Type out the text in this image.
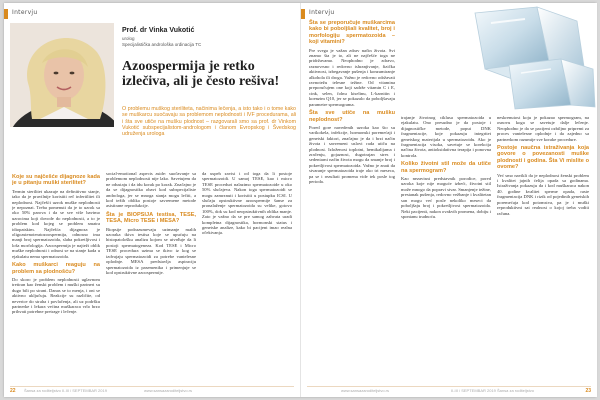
Intervju
Prof. dr Vinka Vukotić
urolog
Specijalistička androloška ordinacija TC
Azoospermija je retko izlečiva, ali je često rešiva!
O problemu muškog steriliteta, načinima lečenja, a isto tako i o tome kako se muškarcu suočavaju sa problemom neplodnosti i IVF procedurama, ali i šta sve utiče na mušku plodnost – razgovarali smo sa prof. dr Vinkom Vukotić subspecijalistom-andrologom i članom Evropskog i Švedskog udruženja urologa
Koje su najčešće dijagnoze kada je u pitanju muški sterilitet?

Termin sterilitet ukazuje na definitivno stanje, tako da je pravilnije koristiti reč infertilitet ili neplodnost. Najčešći uzrok muške neplodnosti je nepoznat. Treba pomenuti da je to uzrok sa oko 50% parova i da se sve više bavimo uzrocima koji dovode do neplodnosti, a to je problem kod kojeg se problem smatra idiopatskim. Najčešća dijagnoza je oligoastenoteratozoospermija, odnosno ima manji broj spermatozoida, slaba pokretljivost i loša morfologija. Azoospermija je najteži oblik muške neplodnosti i odnosi se na stanje kada u ejakulatu nema spermatozoida.

Kako muškarci reaguju na problem sa plodnošću?

Do skoro je problem neplodnosti uglavnom tretiran kao ženski problem i muški partneri su dugo bili po strani. Danas se to menja, i oni se aktivno uključuju. Reakcije su različite, od neverice do straha i povlačenja, ali uz podršku partnerke i lekara većina muškaraca vrlo brzo prihvati potrebne pretrage i lečenje.

social-emotional aspects aside: suočavanje sa problemom neplodnosti nije lako. Savetujem da ne odustaju i da idu korak po korak. Značajno je da se dijagnostika obavi kod subspecijaliste androloga, jer se mnoga stanja mogu lečiti, a kod težih oblika postoje savremene metode asistirane reprodukcije.

Šta je BIOPSIJA testisa, TESE, TESA, Micro TESE i MESA?

Biopsije podrazumevaju uzimanje malih uzoraka tkiva testisa koje se upućuju na histopatološku analizu kojom se utvrđuje da li postoji spermatogeneza. Kod TESE i Micro TESE procedura uzima se tkivo iz kog se izdvajaju spermatozoidi za potrebe vantelesne oplodnje. MESA predstavlja aspiraciju spermatozoida iz pasemenika i primenjuje se kod opstruktivne azoospermije.

da uspeh zavisi i od toga da li postoje spermatozoidi. U samoj TESE, kao i micro TESE proceduri nalazimo spermatozoide u oko 50% slučajeva. Nakon toga spermatozoidi se mogu zamrznuti i koristiti u postupku ICSI. U slučaju opstruktivne azoospermije šanse za pronalaženje spermatozoida su velike, gotovo 100%, dok su kod neopstruktivnih oblika manje. Zato je važno da se pre samog zahvata uradi kompletna dijagnostika, hormonski status i genetske analize, kako bi pacijent imao realna očekivanja.

22 Šansa za roditeljstvo II-III / SEPTEMBAR 2019	www.sansazaroditeljstvo.rs
Intervju
Šta se preporučuje muškarcima kako bi poboljšali kvalitet, broj i morfologiju spermatozoida – koji vitamini?

Pre svega je važan zdrav način života. Svi znamo šta je to, ali ne najčešće toga ne pridržavamo. Neophodno je zdravo, raznovrsno i redovno ishranjivanje, fizička aktivnost, izbegavanje pušenja i konzumiranje alkohola ili droga. Važno je redovno održavati ravnotežu telesne težine. Od vitamina preporučujem one koji sadrže vitamin C i E, cink, selen, folnu kiselinu, L-karnitin i koenzim Q10, jer se pokazalo da poboljšavaju parametre spermograma.

Šta sve utiče na mušku neplodnost?

Pored gore navedenih uzroka kao što su varikokela, infekcije, hormonski poremećaji i genetski faktori, značajno je da i brzi način života i savremeni uslovi rada utiču na plodnost. Izloženost toplotni, hemikalijama i zračenju, gojaznost, dugotrajan stres i sedentarni način života mogu da smanje broj i pokretljivost spermatozoida. Važno je znati da stvaranje spermatozoida traje oko tri meseca, pa se i rezultati promena vide tek posle tog perioda.

trajanje životnog ciklusa spermatozoida u ejakulatu. Ono presudno je da postoje i dijagnostičke metode, poput DNK fragmentacije, koje pokazuju integritet genetskog materijala u spermatozoidu. Ako je fragmentacija visoka, savetuje se korekcija načina života, antioksidativna terapija i ponovna kontrola.

Koliko životni stil može da utiče na spermogram?

Kao nezavisni predstavnik porodice, pored uzroka koje nije moguće izbeći, životni stil može mnogo da popravi stvar. Smanjenje težine, prestanak pušenja, redovno vežbanje i kvalitetan san mogu već posle nekoliko meseci da poboljšaju broj i pokretljivost spermatozoida. Neki pacijenti, nakon ovakvih promena, dobiju i spontanu trudnoću.

neskrenutost koju je pokazao spermogram, na osnovu koga se savetuje dalje lečenje. Neophodno je da se pacijent ozbiljno pripremi za proces vantelesne oplodnje i da zajedno sa partnerkom razumije sve korake procedure.

Postoje naučna istraživanja koja govore o povezanosti muške plodnosti i godina. Šta Vi mislite o ovome?

Već smo navikli da je neplodnost ženski problem i kvalitet jajnih ćelija opada sa godinama. Istraživanja pokazuju da i kod muškaraca nakon 40. godine kvalitet sperme opada, raste fragmentacija DNK i rizik od pojedinih genetskih poremećaja kod potomstva, pa je i muški reproduktivni sat realnost o kojoj treba voditi računa.

www.sansazaroditeljstvo.rs	II-III / SEPTEMBAR 2019 Šansa za roditeljstvo	23
